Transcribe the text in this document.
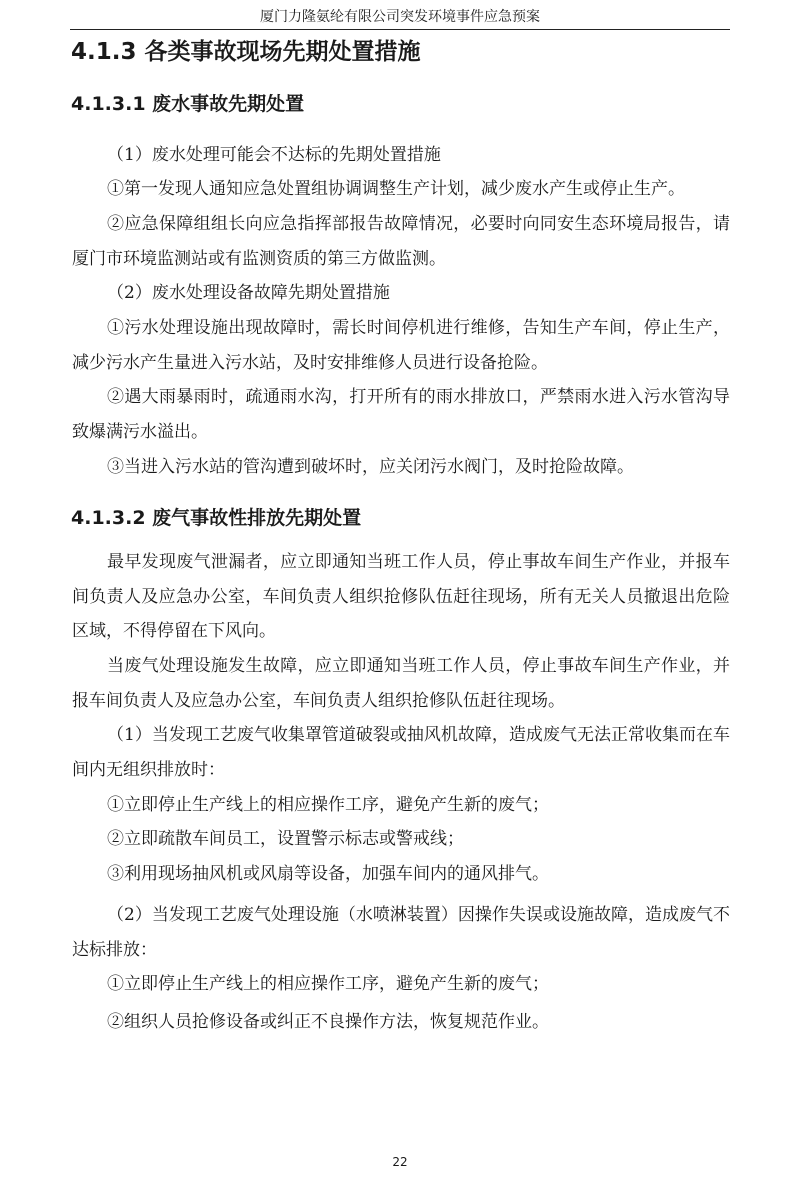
厦门力隆氨纶有限公司突发环境事件应急预案
4.1.3 各类事故现场先期处置措施
4.1.3.1 废水事故先期处置

（1）废水处理可能会不达标的先期处置措施

①第一发现人通知应急处置组协调调整生产计划，减少废水产生或停止生产。

②应急保障组组长向应急指挥部报告故障情况，必要时向同安生态环境局报告，请厦门市环境监测站或有监测资质的第三方做监测。

（2）废水处理设备故障先期处置措施

①污水处理设施出现故障时，需长时间停机进行维修，告知生产车间，停止生产，减少污水产生量进入污水站，及时安排维修人员进行设备抢险。

②遇大雨暴雨时，疏通雨水沟，打开所有的雨水排放口，严禁雨水进入污水管沟导致爆满污水溢出。

③当进入污水站的管沟遭到破坏时，应关闭污水阀门，及时抢险故障。

4.1.3.2 废气事故性排放先期处置

最早发现废气泄漏者，应立即通知当班工作人员，停止事故车间生产作业，并报车间负责人及应急办公室，车间负责人组织抢修队伍赶往现场，所有无关人员撤退出危险区域，不得停留在下风向。

当废气处理设施发生故障，应立即通知当班工作人员，停止事故车间生产作业，并报车间负责人及应急办公室，车间负责人组织抢修队伍赶往现场。

（1）当发现工艺废气收集罩管道破裂或抽风机故障，造成废气无法正常收集而在车间内无组织排放时：

①立即停止生产线上的相应操作工序，避免产生新的废气；

②立即疏散车间员工，设置警示标志或警戒线；

③利用现场抽风机或风扇等设备，加强车间内的通风排气。

（2）当发现工艺废气处理设施（水喷淋装置）因操作失误或设施故障，造成废气不达标排放：

①立即停止生产线上的相应操作工序，避免产生新的废气；

②组织人员抢修设备或纠正不良操作方法，恢复规范作业。

22
